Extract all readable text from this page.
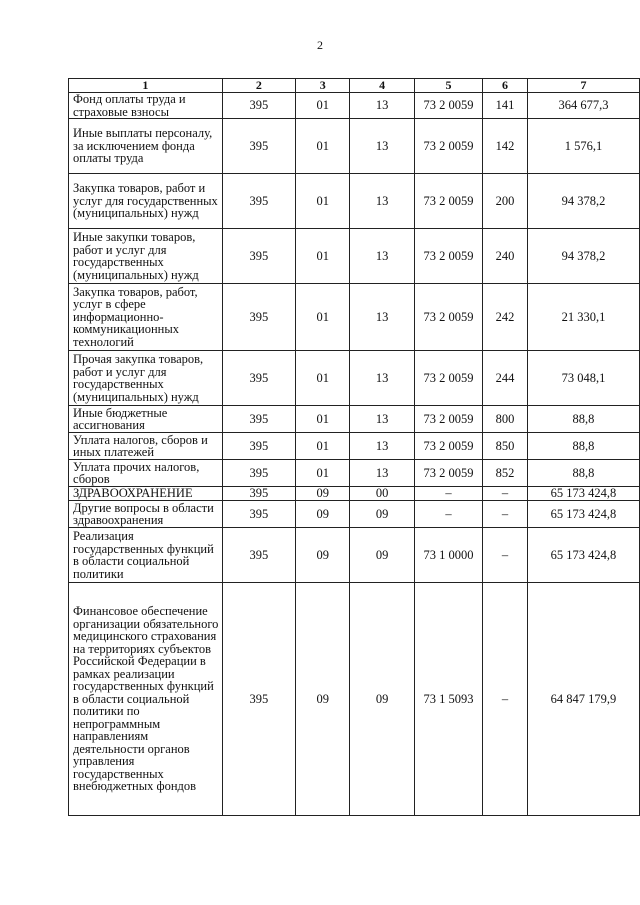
2
1	2	3	4	5	6	7
Фонд оплаты труда и страховые взносы	395	01	13	73 2 0059	141	364 677,3
Иные выплаты персоналу, за исключением фонда оплаты труда	395	01	13	73 2 0059	142	1 576,1
Закупка товаров, работ и услуг для государственных (муниципальных) нужд	395	01	13	73 2 0059	200	94 378,2
Иные закупки товаров, работ и услуг для государственных (муниципальных) нужд	395	01	13	73 2 0059	240	94 378,2
Закупка товаров, работ, услуг в сфере информационно-коммуникационных технологий	395	01	13	73 2 0059	242	21 330,1
Прочая закупка товаров, работ и услуг для государственных (муниципальных) нужд	395	01	13	73 2 0059	244	73 048,1
Иные бюджетные ассигнования	395	01	13	73 2 0059	800	88,8
Уплата налогов, сборов и иных платежей	395	01	13	73 2 0059	850	88,8
Уплата прочих налогов, сборов	395	01	13	73 2 0059	852	88,8
ЗДРАВООХРАНЕНИЕ	395	09	00	–	–	65 173 424,8
Другие вопросы в области здравоохранения	395	09	09	–	–	65 173 424,8
Реализация государственных функций в области социальной политики	395	09	09	73 1 0000	–	65 173 424,8
Финансовое обеспечение организации обязательного медицинского страхования на территориях субъектов Российской Федерации в рамках реализации государственных функций в области социальной политики по непрограммным направлениям деятельности органов управления государственных внебюджетных фондов	395	09	09	73 1 5093	–	64 847 179,9
